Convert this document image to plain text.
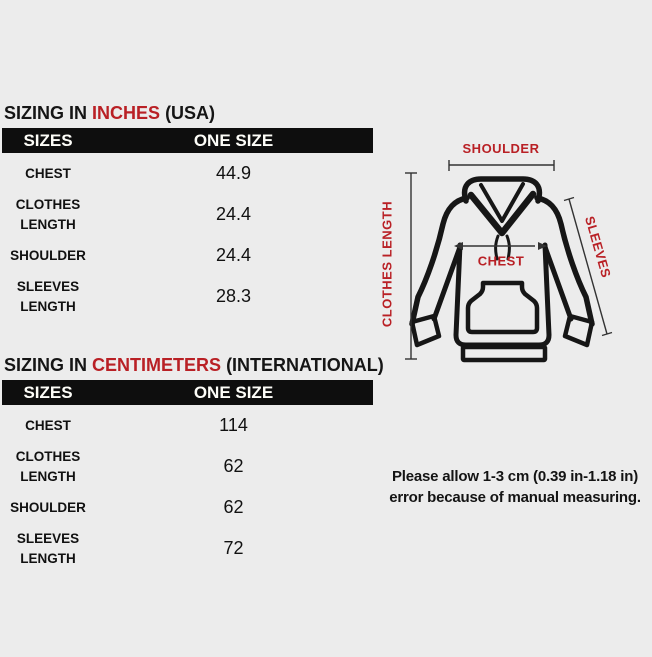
SIZING IN INCHES (USA)
SIZES	ONE SIZE
CHEST	44.9
CLOTHES LENGTH	24.4
SHOULDER	24.4
SLEEVES LENGTH	28.3
SIZING IN CENTIMETERS (INTERNATIONAL)
SIZES	ONE SIZE
CHEST	114
CLOTHES LENGTH	62
SHOULDER	62
SLEEVES LENGTH	72
SHOULDER
CLOTHES LENGTH	SLEEVES
CHEST
Please allow 1-3 cm (0.39 in-1.18 in)
error because of manual measuring.
